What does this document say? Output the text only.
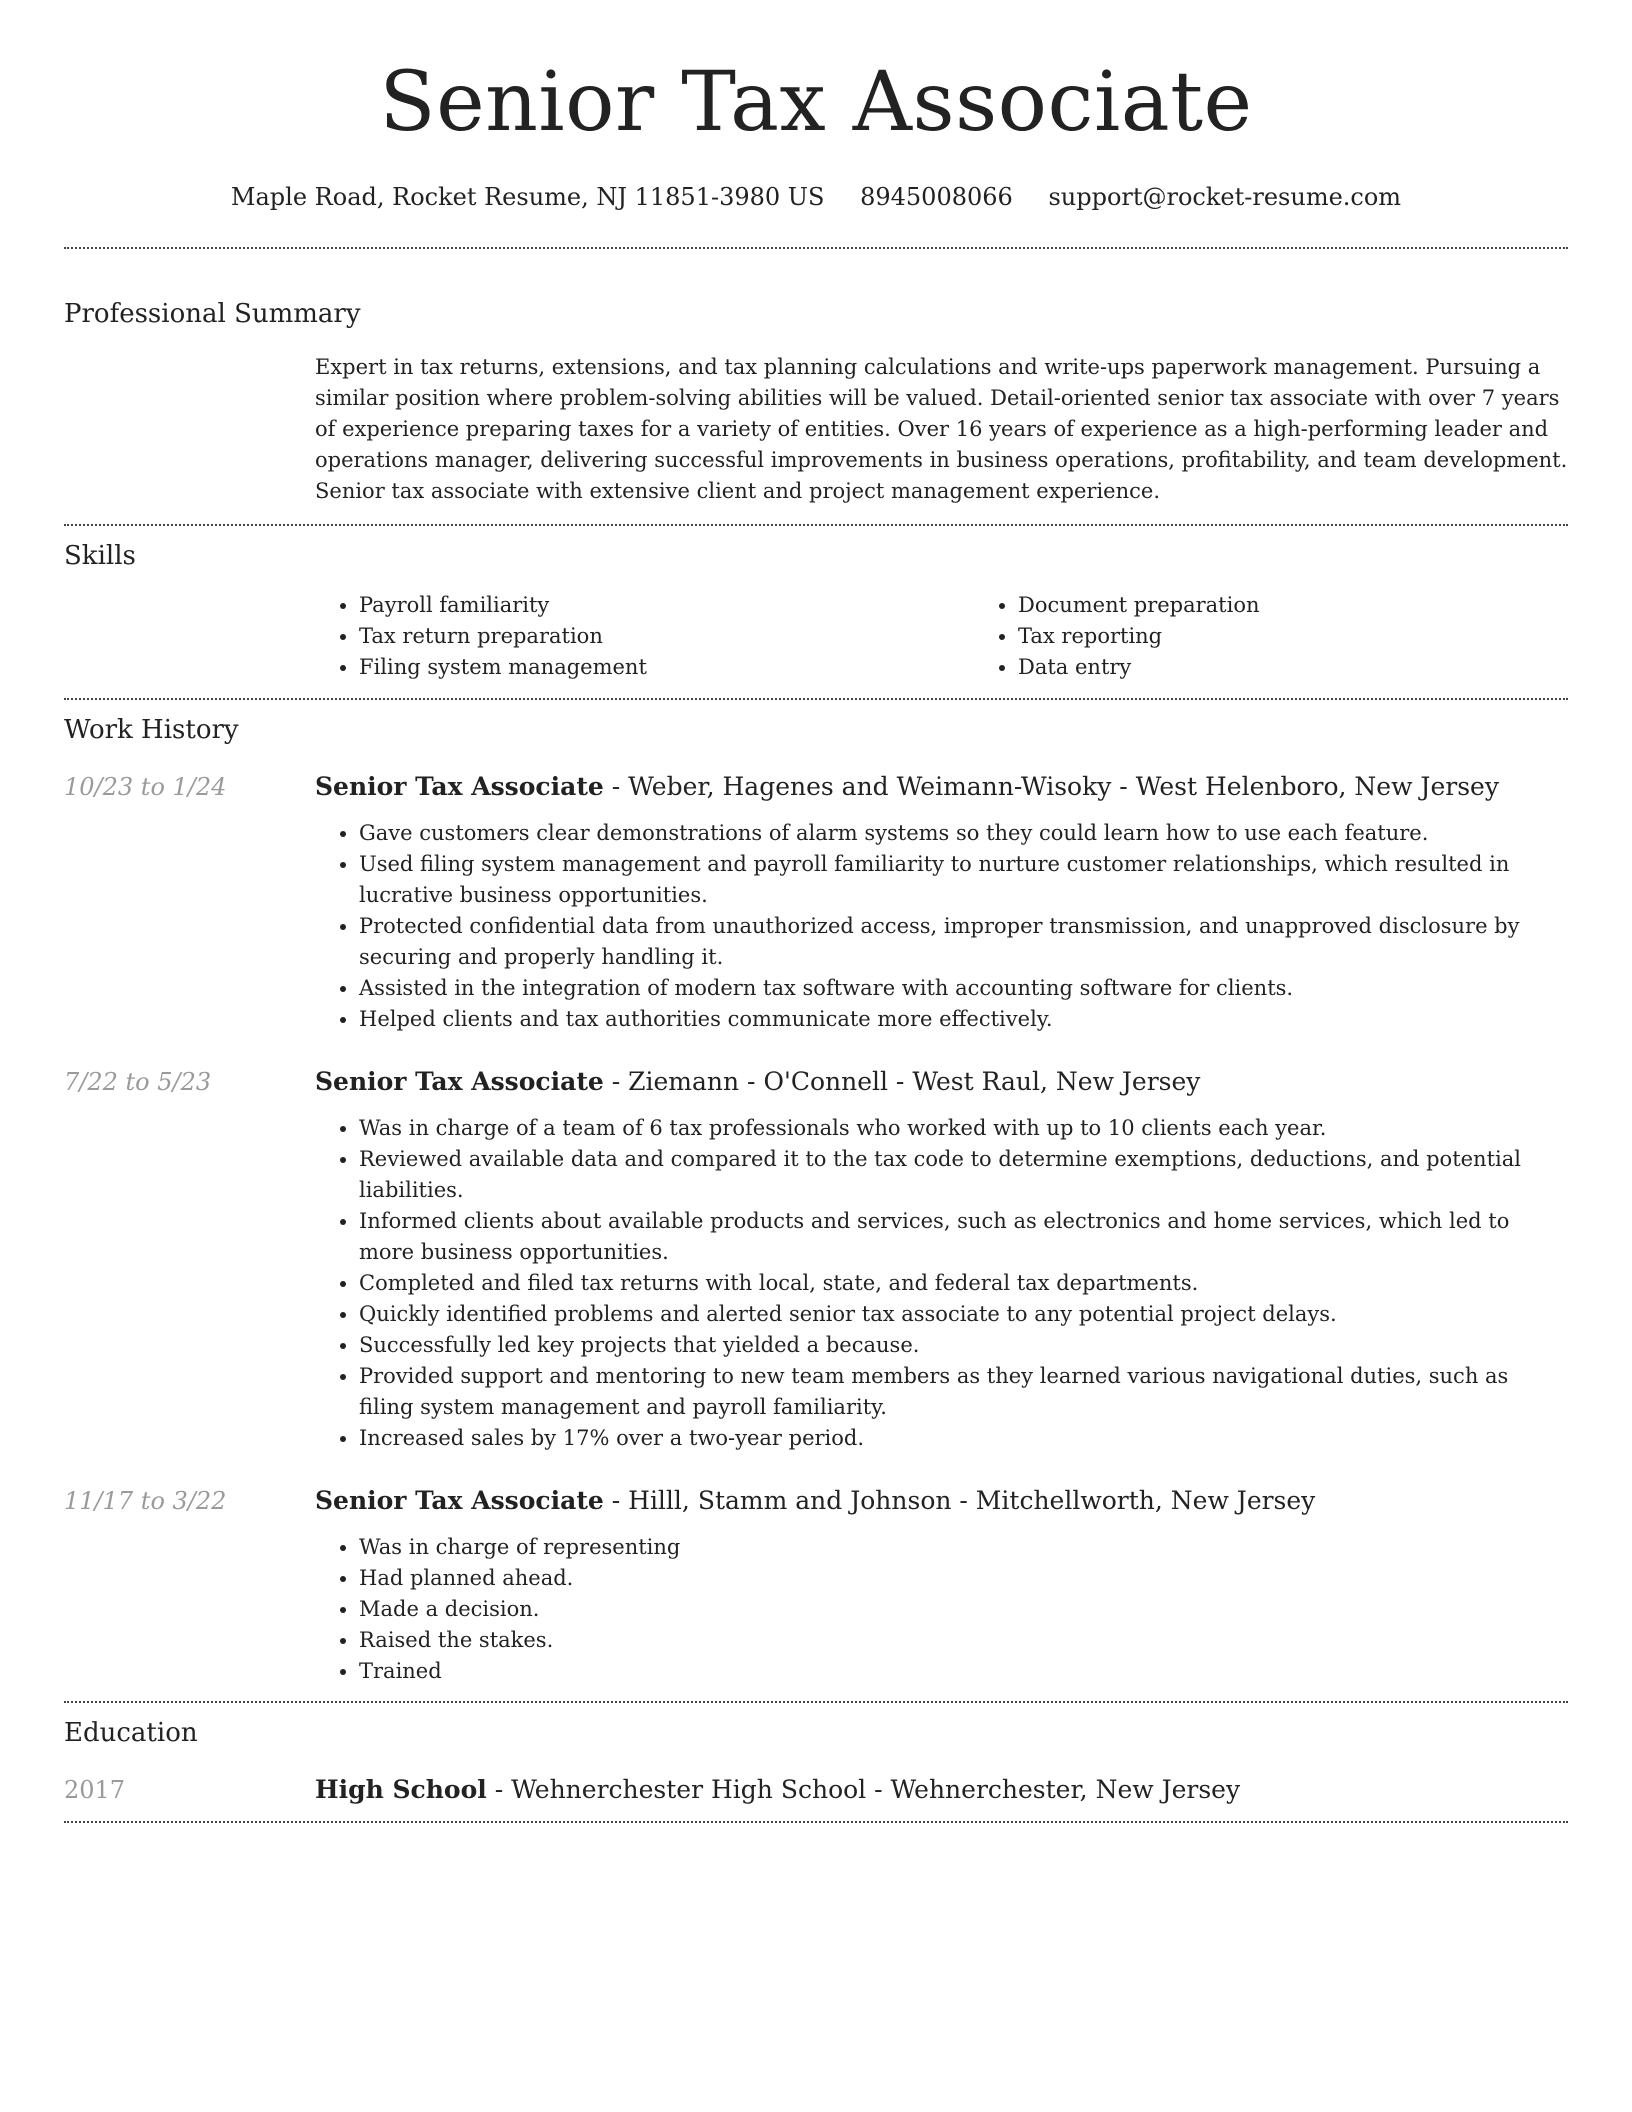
Senior Tax Associate
Maple Road, Rocket Resume, NJ 11851-3980 US 8945008066 support@rocket-resume.com
Professional Summary

Expert in tax returns, extensions, and tax planning calculations and write-ups paperwork management. Pursuing a similar position where problem-solving abilities will be valued. Detail-oriented senior tax associate with over 7 years of experience preparing taxes for a variety of entities. Over 16 years of experience as a high-performing leader and operations manager, delivering successful improvements in business operations, profitability, and team development. Senior tax associate with extensive client and project management experience.

Skills
• Payroll familiarity
• Tax return preparation
• Filing system management
• Document preparation
• Tax reporting
• Data entry
Work History
10/23 to 1/24	Senior Tax Associate - Weber, Hagenes and Weimann-Wisoky - West Helenboro, New Jersey
• Gave customers clear demonstrations of alarm systems so they could learn how to use each feature.
• Used filing system management and payroll familiarity to nurture customer relationships, which resulted in lucrative business opportunities.
• Protected confidential data from unauthorized access, improper transmission, and unapproved disclosure by securing and properly handling it.
• Assisted in the integration of modern tax software with accounting software for clients.
• Helped clients and tax authorities communicate more effectively.
7/22 to 5/23	Senior Tax Associate - Ziemann - O'Connell - West Raul, New Jersey
• Was in charge of a team of 6 tax professionals who worked with up to 10 clients each year.
• Reviewed available data and compared it to the tax code to determine exemptions, deductions, and potential liabilities.
• Informed clients about available products and services, such as electronics and home services, which led to more business opportunities.
• Completed and filed tax returns with local, state, and federal tax departments.
• Quickly identified problems and alerted senior tax associate to any potential project delays.
• Successfully led key projects that yielded a because.
• Provided support and mentoring to new team members as they learned various navigational duties, such as filing system management and payroll familiarity.
• Increased sales by 17% over a two-year period.
11/17 to 3/22	Senior Tax Associate - Hilll, Stamm and Johnson - Mitchellworth, New Jersey
• Was in charge of representing
• Had planned ahead.
• Made a decision.
• Raised the stakes.
• Trained
Education
2017	High School - Wehnerchester High School - Wehnerchester, New Jersey
